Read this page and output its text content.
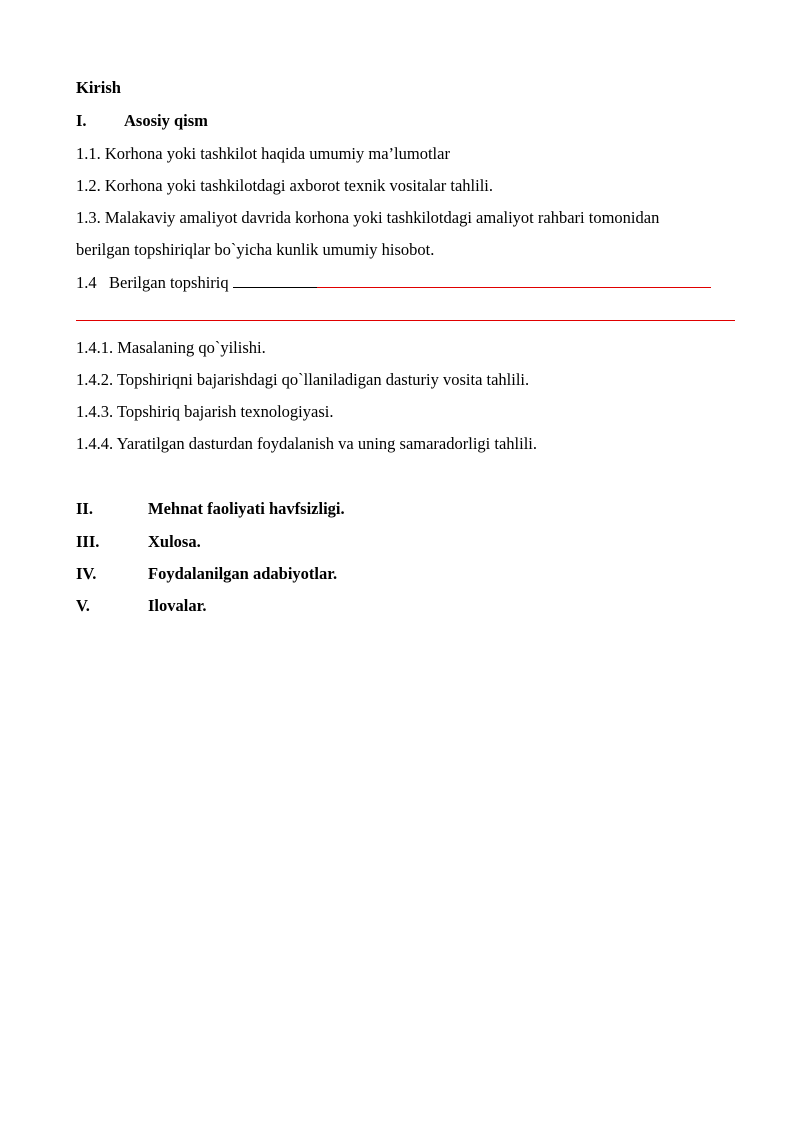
Kirish
I. Asosiy qism
1.1. Korhona yoki tashkilot haqida umumiy ma’lumotlar
1.2. Korhona yoki tashkilotdagi axborot texnik vositalar tahlili.
1.3. Malakaviy amaliyot davrida korhona yoki tashkilotdagi amaliyot rahbari tomonidan
berilgan topshiriqlar bo`yicha kunlik umumiy hisobot.
1.4 Berilgan topshiriq
1.4.1. Masalaning qo`yilishi.
1.4.2. Topshiriqni bajarishdagi qo`llaniladigan dasturiy vosita tahlili.
1.4.3. Topshiriq bajarish texnologiyasi.
1.4.4. Yaratilgan dasturdan foydalanish va uning samaradorligi tahlili.
II.	Mehnat faoliyati havfsizligi.
III.	Xulosa.
IV.	Foydalanilgan adabiyotlar.
V.	Ilovalar.
